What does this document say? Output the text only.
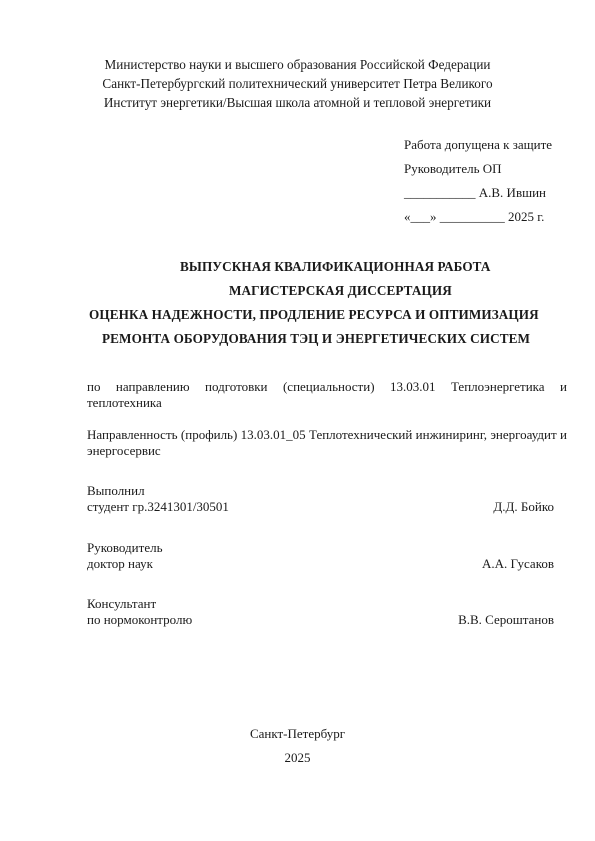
Министерство науки и высшего образования Российской Федерации
Санкт-Петербургский политехнический университет Петра Великого
Институт энергетики/Высшая школа атомной и тепловой энергетики
Работа допущена к защите
Руководитель ОП
___________ А.В. Ившин
«___» __________ 2025 г.
ВЫПУСКНАЯ КВАЛИФИКАЦИОННАЯ РАБОТА
МАГИСТЕРСКАЯ ДИССЕРТАЦИЯ
ОЦЕНКА НАДЕЖНОСТИ, ПРОДЛЕНИЕ РЕСУРСА И ОПТИМИЗАЦИЯ
РЕМОНТА ОБОРУДОВАНИЯ ТЭЦ И ЭНЕРГЕТИЧЕСКИХ СИСТЕМ
по направлению подготовки (специальности) 13.03.01 Теплоэнергетика и теплотехника
Направленность (профиль) 13.03.01_05 Теплотехнический инжиниринг, энергоаудит и энергосервис
Выполнил
студент гр.3241301/30501	Д.Д. Бойко
Руководитель
доктор наук	А.А. Гусаков
Консультант
по нормоконтролю	В.В. Сероштанов
Санкт-Петербург
2025
